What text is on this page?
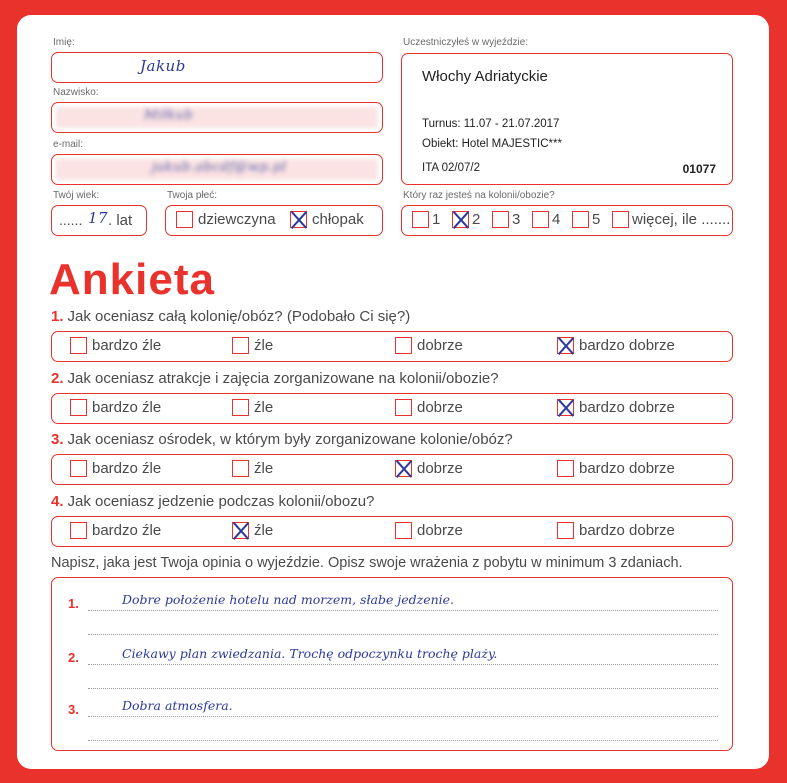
Imię:
Jakub
Nazwisko:
Miłkub
e-mail:
jakub.abcdf@wp.pl
Twój wiek:
...... 17 . lat
Twoja płeć:
dziewczyna	chłopak
Uczestniczyłeś w wyjeździe:
Włochy Adriatyckie
Turnus: 11.07 - 21.07.2017
Obiekt: Hotel MAJESTIC***
ITA 02/07/2	01077
Który raz jesteś na kolonii/obozie?
1	2	3	4	5	więcej, ile .......
Ankieta
1. Jak oceniasz całą kolonię/obóz? (Podobało Ci się?)
bardzo źle	źle	dobrze	bardzo dobrze
2. Jak oceniasz atrakcje i zajęcia zorganizowane na kolonii/obozie?
bardzo źle	źle	dobrze	bardzo dobrze
3. Jak oceniasz ośrodek, w którym były zorganizowane kolonie/obóz?
bardzo źle	źle	dobrze	bardzo dobrze
4. Jak oceniasz jedzenie podczas kolonii/obozu?
bardzo źle	źle	dobrze	bardzo dobrze
Napisz, jaka jest Twoja opinia o wyjeździe. Opisz swoje wrażenia z pobytu w minimum 3 zdaniach.
1.	Dobre położenie hotelu nad morzem, słabe jedzenie.
2.	Ciekawy plan zwiedzania. Trochę odpoczynku trochę plaży.
3.	Dobra atmosfera.
